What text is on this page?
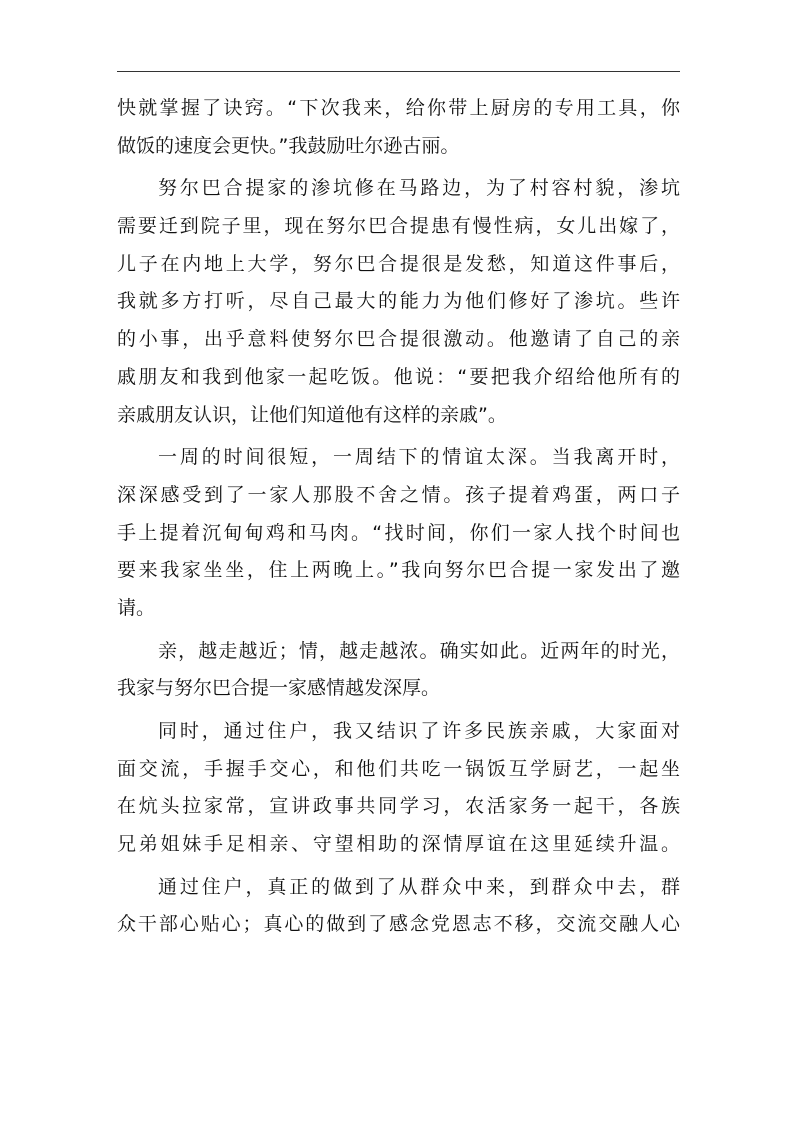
快就掌握了诀窍。“下次我来，给你带上厨房的专用工具，你
做饭的速度会更快。”我鼓励吐尔逊古丽。
努尔巴合提家的渗坑修在马路边，为了村容村貌，渗坑
需要迁到院子里，现在努尔巴合提患有慢性病，女儿出嫁了，
儿子在内地上大学，努尔巴合提很是发愁，知道这件事后，
我就多方打听，尽自己最大的能力为他们修好了渗坑。些许
的小事，出乎意料使努尔巴合提很激动。他邀请了自己的亲
戚朋友和我到他家一起吃饭。他说：“要把我介绍给他所有的
亲戚朋友认识，让他们知道他有这样的亲戚”。
一周的时间很短，一周结下的情谊太深。当我离开时，
深深感受到了一家人那股不舍之情。孩子提着鸡蛋，两口子
手上提着沉甸甸鸡和马肉。“找时间，你们一家人找个时间也
要来我家坐坐，住上两晚上。”我向努尔巴合提一家发出了邀
请。
亲，越走越近；情，越走越浓。确实如此。近两年的时光，
我家与努尔巴合提一家感情越发深厚。
同时，通过住户，我又结识了许多民族亲戚，大家面对
面交流，手握手交心，和他们共吃一锅饭互学厨艺，一起坐
在炕头拉家常，宣讲政事共同学习，农活家务一起干，各族
兄弟姐妹手足相亲、守望相助的深情厚谊在这里延续升温。
通过住户，真正的做到了从群众中来，到群众中去，群
众干部心贴心；真心的做到了感念党恩志不移，交流交融人心
